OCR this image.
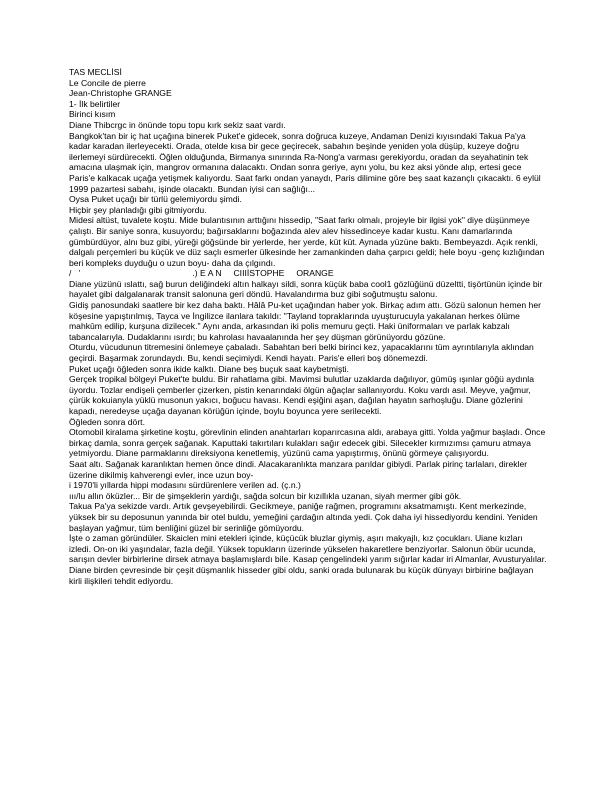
TAS MECLİSİ
Le Concile de pierre
Jean-Christophe GRANGE
1- İlk belirtiler
Birinci kısım

Diane Thibcrgc in önünde topu topu kırk sekiz saat vardı.

Bangkok'tan bir iç hat uçağına binerek Puket'e gidecek, sonra doğruca kuzeye, Andaman Denizi kıyısındaki Takua Pa'ya kadar karadan ilerleyecekti. Orada, otelde kısa bir gece geçirecek, sabahın beşinde yeniden yola düşüp, kuzeye doğru ilerlemeyi sürdürecekti. Öğlen olduğunda, Birmanya sınırında Ra-Nong'a varması gerekiyordu, oradan da seyahatinin tek amacına ulaşmak için, mangrov ormanına dalacaktı. Ondan sonra geriye, aynı yolu, bu kez aksi yönde alıp, ertesi gece Paris'e kalkacak uçağa yetişmek kalıyordu. Saat farkı ondan yanaydı, Paris dilimine göre beş saat kazançlı çıkacaktı. 6 eylül 1999 pazartesi sabahı, işinde olacaktı. Bundan iyisi can sağlığı...

Oysa Puket uçağı bir türlü gelemiyordu şimdi.

Hiçbir şey planladığı gibi gitmiyordu.

Midesi altüst, tuvalete koştu. Mide bulantısının arttığını hissedip, "Saat farkı olmalı, projeyle bir ilgisi yok" diye düşünmeye çalıştı. Bir saniye sonra, kusuyordu; bağırsaklarını boğazında alev alev hissedinceye kadar kustu. Kanı damarlarında gümbürdüyor, alnı buz gibi, yüreği göğsünde bir yerlerde, her yerde, küt küt. Aynada yüzüne baktı. Bembeyazdı. Açık renkli, dalgalı perçemleri bu küçük ve düz saçlı esmerler ülkesinde her zamankinden daha çarpıcı geldi; hele boyu -genç kızlığından beri kompleks duyduğu o uzun boyu- daha da çılgındı.

/   '                                               .) E A N     CIIIİSTOPHE     ORANGE

Diane yüzünü ıslattı, sağ burun deliğindeki altın halkayı sildi, sonra küçük baba cool1 gözlüğünü düzeltti, tişörtünün içinde bir hayalet gibi dalgalanarak transit salonuna geri döndü. Havalandırma buz gibi soğutmuştu salonu.

Gidiş panosundaki saatlere bir kez daha baktı. Hâlâ Pu-ket uçağından haber yok. Birkaç adım attı. Gözü salonun hemen her köşesine yapıştırılmış, Tayca ve İngilizce ilanlara takıldı: "Tayland topraklarında uyuşturucuyla yakalanan herkes ölüme mahkûm edilip, kurşuna dizilecek." Aynı anda, arkasından iki polis memuru geçti. Haki üniformaları ve parlak kabzalı tabancalarıyla. Dudaklarını ısırdı; bu kahrolası havaalanında her şey düşman görünüyordu gözüne.

Oturdu, vücudunun titremesini önlemeye çabaladı. Sabahtan beri belki birinci kez, yapacaklarını tüm ayrıntılarıyla aklından geçirdi. Başarmak zorundaydı. Bu, kendi seçimiydi. Kendi hayatı. Paris'e elleri boş dönemezdi.

Puket uçağı öğleden sonra ikide kalktı. Diane beş buçuk saat kaybetmişti.

Gerçek tropikal bölgeyi Puket'te buldu. Bir rahatlama gibi. Mavimsi bulutlar uzaklarda dağılıyor, gümüş ışınlar göğü aydınla üyordu. Tozlar endişeli çemberler çizerken, pistin kenarındaki ölgün ağaçlar sallanıyordu. Koku vardı asıl. Meyve, yağmur, çürük kokuianyla yüklü musonun yakıcı, boğucu havası. Kendi eşiğini aşan, dağılan hayatın sarhoşluğu. Diane gözlerini kapadı, neredeyse uçağa dayanan körüğün içinde, boylu boyunca yere serilecekti.

Öğleden sonra dört.

Otomobil kiralama şirketine koştu, görevlinin elinden anahtarları koparırcasına aldı, arabaya gitti. Yolda yağmur başladı. Önce birkaç damla, sonra gerçek sağanak. Kaputtaki takırtıları kulakları sağır edecek gibi. Silecekler kırmızımsı çamuru atmaya yetmiyordu. Diane parmaklarını direksiyona kenetlemiş, yüzünü cama yapıştırmış, önünü görmeye çalışıyordu.

Saat altı. Sağanak karanlıktan hemen önce dindi. Alacakaranlıkta manzara parıldar gibiydi. Parlak pirinç tarlaları, direkler üzerine dikilmiş kahverengi evler, ince uzun boy-
i 1970'li yıllarda hippi modasını sürdürenlere verilen ad. (ç.n.)
ııı/lu allın öküzler... Bir de şimşeklerin yardığı, sağda solcun bir kızıllıkla uzanan, siyah mermer gibi gök.

Takua Pa'ya sekizde vardı. Artık gevşeyebilirdi. Gecikmeye, paniğe rağmen, programını aksatmamıştı. Kent merkezinde, yüksek bir su deposunun yanında bir otel buldu, yemeğini çardağın altında yedi. Çok daha iyi hissediyordu kendini. Yeniden başlayan yağmur, tüm benliğini güzel bir serinliğe gömüyordu.

İşte o zaman göründüler. Skaiclen mini etekleri içinde, küçücük bluzlar giymiş, aşırı makyajlı, kız çocukları. Uiane kızları izledi. On-on iki yaşındalar, fazla değil. Yüksek topukların üzerinde yükselen hakaretlere benziyorlar. Salonun öbür ucunda, sarışın devler birbirlerine dirsek atmaya başlamışlardı bile. Kasap çengelindeki yarım sığırlar kadar iri Almanlar, Avusturyalılar. Diane birden çevresinde bir çeşit düşmanlık hisseder gibi oldu, sanki orada bulunarak bu küçük dünyayı birbirine bağlayan kirli ilişkileri tehdit ediyordu.
